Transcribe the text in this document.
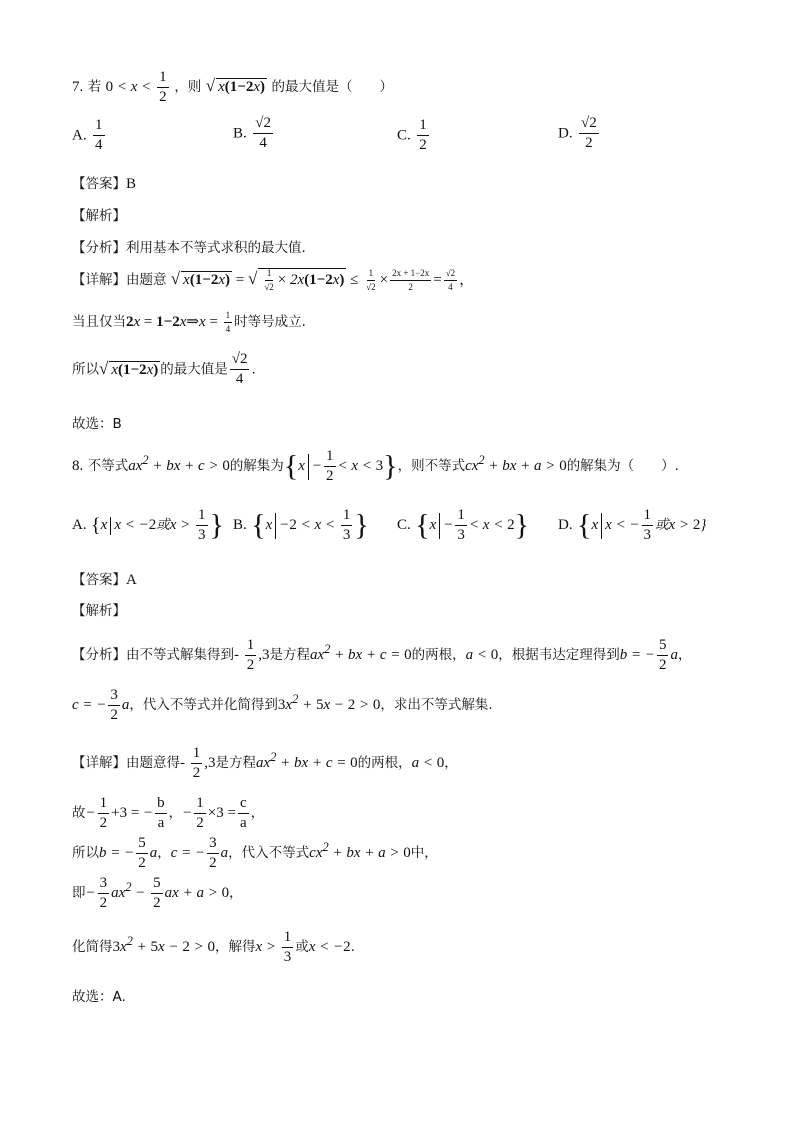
7. 若 $0 < x < \frac{1}{2}$ ，则 √ x(1−2x) 的最大值是（　　）
A. $\frac{1}{4}$	B. $\frac{√2}{4}$	C. $\frac{1}{2}$	D. $\frac{√2}{2}$
【答案】B
【解析】
【分析】利用基本不等式求积的最大值.
【详解】由题意 √ x(1−2x) = √ $\frac{1}{√2} \times 2x(1-2x) \le \frac{1}{√2} \times \frac{2x + 1-2x}{2} = \frac{√2}{4}$ ，
当且仅当2x = 1−2x⇒x = $\frac{1}{4}$ 时等号成立.
所以√ x(1−2x) 的最大值是 $\frac{√2}{4}$ .
故选：B
8. 不等式$ax^2$ + bx + c > 0的解集为$\{x - \frac{1}{2} < x < 3\}$，则不等式$cx^2$ + bx + a > 0的解集为（　　）.
A. {x x < −2或$x > \frac{1}{3}$ } B. {$x -2 < x < \frac{1}{3}$ } C. $\{x - \frac{1}{3} < x < 2\}$ D. {x x < − $\frac{1}{3}$ 或x > 2}
【答案】A
【解析】
【分析】由不等式解集得到- $\frac{1}{2} ,3$是方程$ax^2$ + bx + c = 0的两根，a < 0，根据韦达定理得到b = − $\frac{5}{2}$ a，
c = − $\frac{3}{2}$ a，代入不等式并化简得到$3x^2 + 5x - 2 > 0$，求出不等式解集.
【详解】由题意得- $\frac{1}{2} ,3$是方程$ax^2$ + bx + c = 0的两根，a < 0，
故− $\frac{1}{2} +3$ = − $\frac{b}{a}$ ，− $\frac{1}{2} \times 3 = \frac{c}{a}$ ，
所以b = − $\frac{5}{2}$ a，c = − $\frac{3}{2}$ a，代入不等式$cx^2$ + bx + a > 0中，
即− $\frac{3}{2} ax^2 - \frac{5}{2}$ ax + a > 0，
化简得$3x^2 + 5x - 2 > 0$，解得$x > \frac{1}{3}$ 或x < −2.
故选：A.
